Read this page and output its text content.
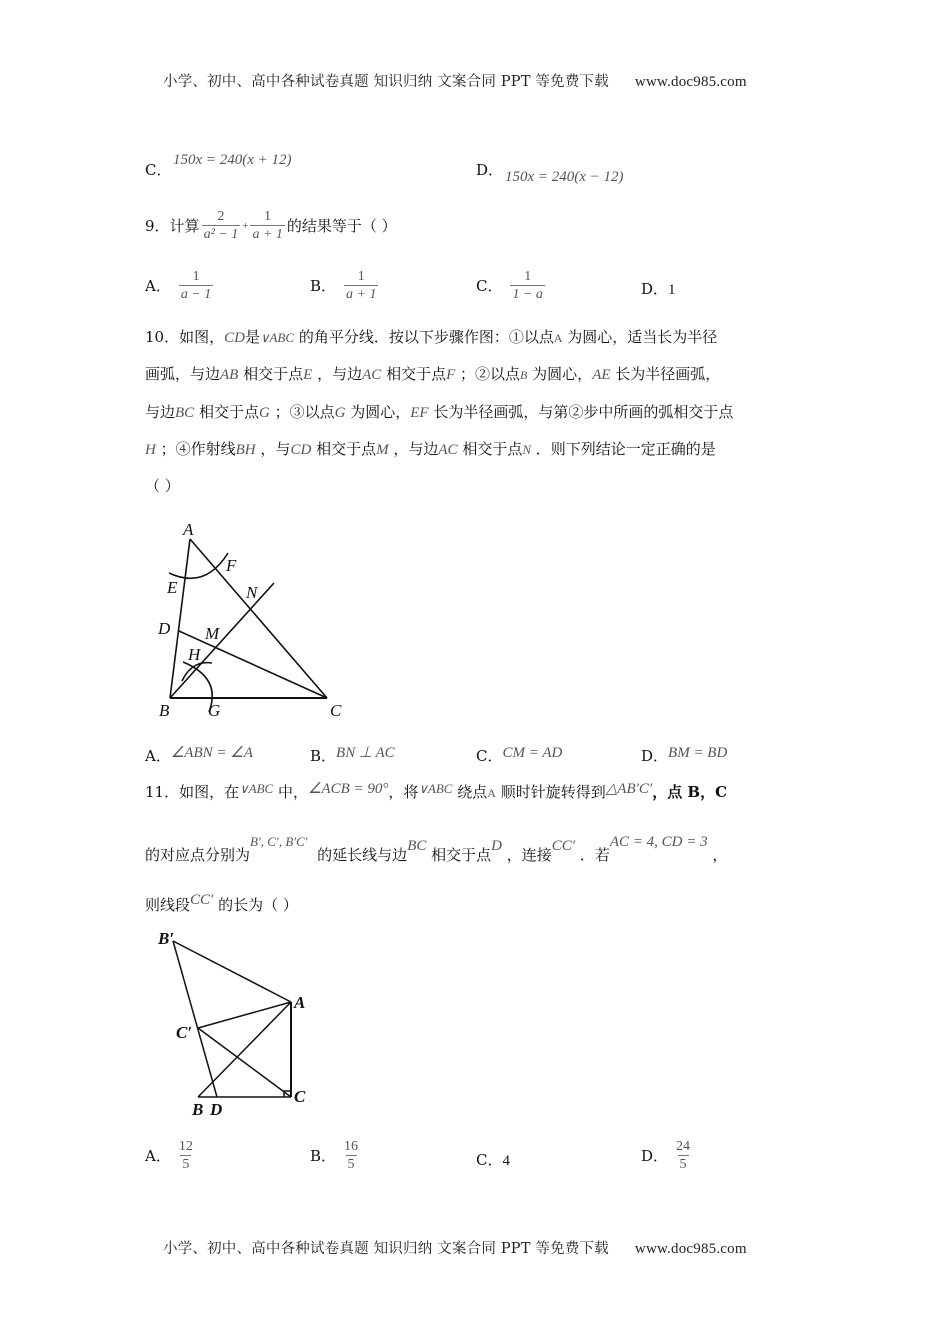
小学、初中、高中各种试卷真题 知识归纳 文案合同 PPT 等免费下载 www.doc985.com
C．
150x = 240(x + 12)
D． 150x = 240(x − 12)
9． 计算 $\frac{2}{\text{a² − 1}} + \frac{1}{a + 1}$ 的结果等于（ ）
A． $\frac{1}{a - 1}$	B． $\frac{1}{a + 1}$	C． $\frac{1}{1 - a}$	D．1
10．如图，CD是∨ABC 的角平分线．按以下步骤作图：①以点A 为圆心，适当长为半径
画弧，与边AB 相交于点E ，与边AC 相交于点F ；②以点B 为圆心，AE 长为半径画弧，
与边BC 相交于点G ；③以点G 为圆心，EF 长为半径画弧，与第②步中所画的弧相交于点
H ；④作射线BH ，与CD 相交于点M ，与边AC 相交于点N ．则下列结论一定正确的是
（ ）
A
F
E	N
D M
H
B G	C
B′
A
C′
B D
C
A．∠ABN = ∠A	B．BN ⊥ AC	C．CM = AD	D．BM = BD
11．如图，在∨ABC 中，∠ACB = 90°，将∨ABC 绕点A 顺时针旋转得到△AB′C′，点 B，C
的对应点分别为B′, C′, B′C′  的延长线与边BC 相交于点D ，连接CC′ ．若AC = 4, CD = 3 ，
则线段CC′ 的长为（ ）
A． $\frac{12}{5}$	B． $\frac{16}{5}$	C．4	D． $\frac{24}{5}$
小学、初中、高中各种试卷真题 知识归纳 文案合同 PPT 等免费下载 www.doc985.com
